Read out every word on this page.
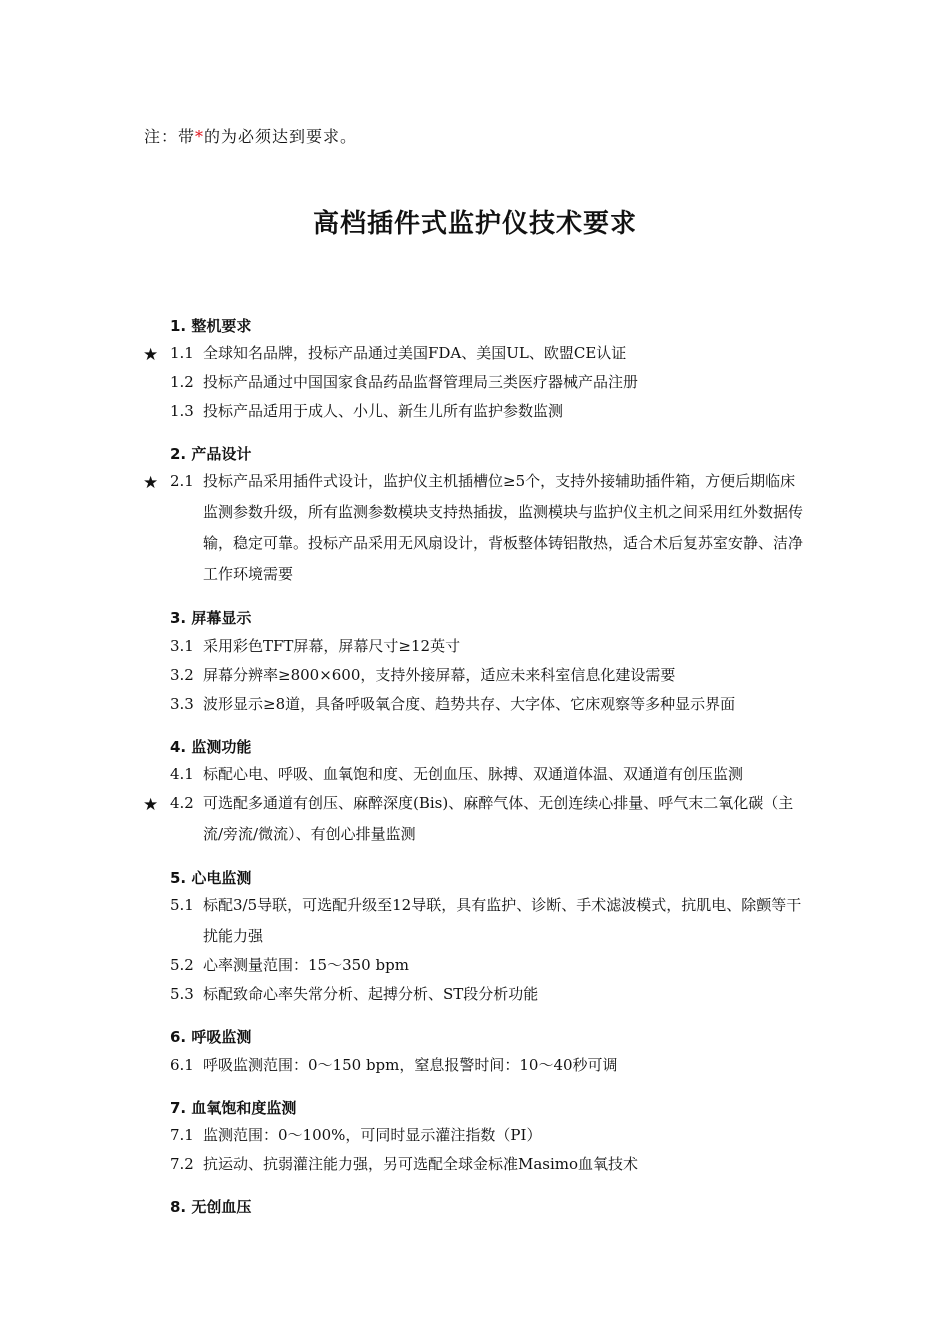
注：带*的为必须达到要求。
高档插件式监护仪技术要求
1. 整机要求
★ 1.1 全球知名品牌，投标产品通过美国FDA、美国UL、欧盟CE认证
1.2 投标产品通过中国国家食品药品监督管理局三类医疗器械产品注册
1.3 投标产品适用于成人、小儿、新生儿所有监护参数监测
2. 产品设计
★ 2.1 投标产品采用插件式设计，监护仪主机插槽位≥5个，支持外接辅助插件箱，方便后期临床监测参数升级，所有监测参数模块支持热插拔，监测模块与监护仪主机之间采用红外数据传输，稳定可靠。投标产品采用无风扇设计，背板整体铸铝散热，适合术后复苏室安静、洁净工作环境需要
3. 屏幕显示
3.1 采用彩色TFT屏幕，屏幕尺寸≥12英寸
3.2 屏幕分辨率≥800×600，支持外接屏幕，适应未来科室信息化建设需要
3.3 波形显示≥8道，具备呼吸氧合度、趋势共存、大字体、它床观察等多种显示界面
4. 监测功能
4.1 标配心电、呼吸、血氧饱和度、无创血压、脉搏、双通道体温、双通道有创压监测
★ 4.2 可选配多通道有创压、麻醉深度(Bis)、麻醉气体、无创连续心排量、呼气末二氧化碳（主流/旁流/微流）、有创心排量监测
5. 心电监测
5.1 标配3/5导联，可选配升级至12导联，具有监护、诊断、手术滤波模式，抗肌电、除颤等干扰能力强
5.2 心率测量范围：15～350 bpm
5.3 标配致命心率失常分析、起搏分析、ST段分析功能
6. 呼吸监测
6.1 呼吸监测范围：0～150 bpm，窒息报警时间：10～40秒可调
7. 血氧饱和度监测
7.1 监测范围：0～100%，可同时显示灌注指数（PI）
7.2 抗运动、抗弱灌注能力强，另可选配全球金标准Masimo血氧技术
8. 无创血压
